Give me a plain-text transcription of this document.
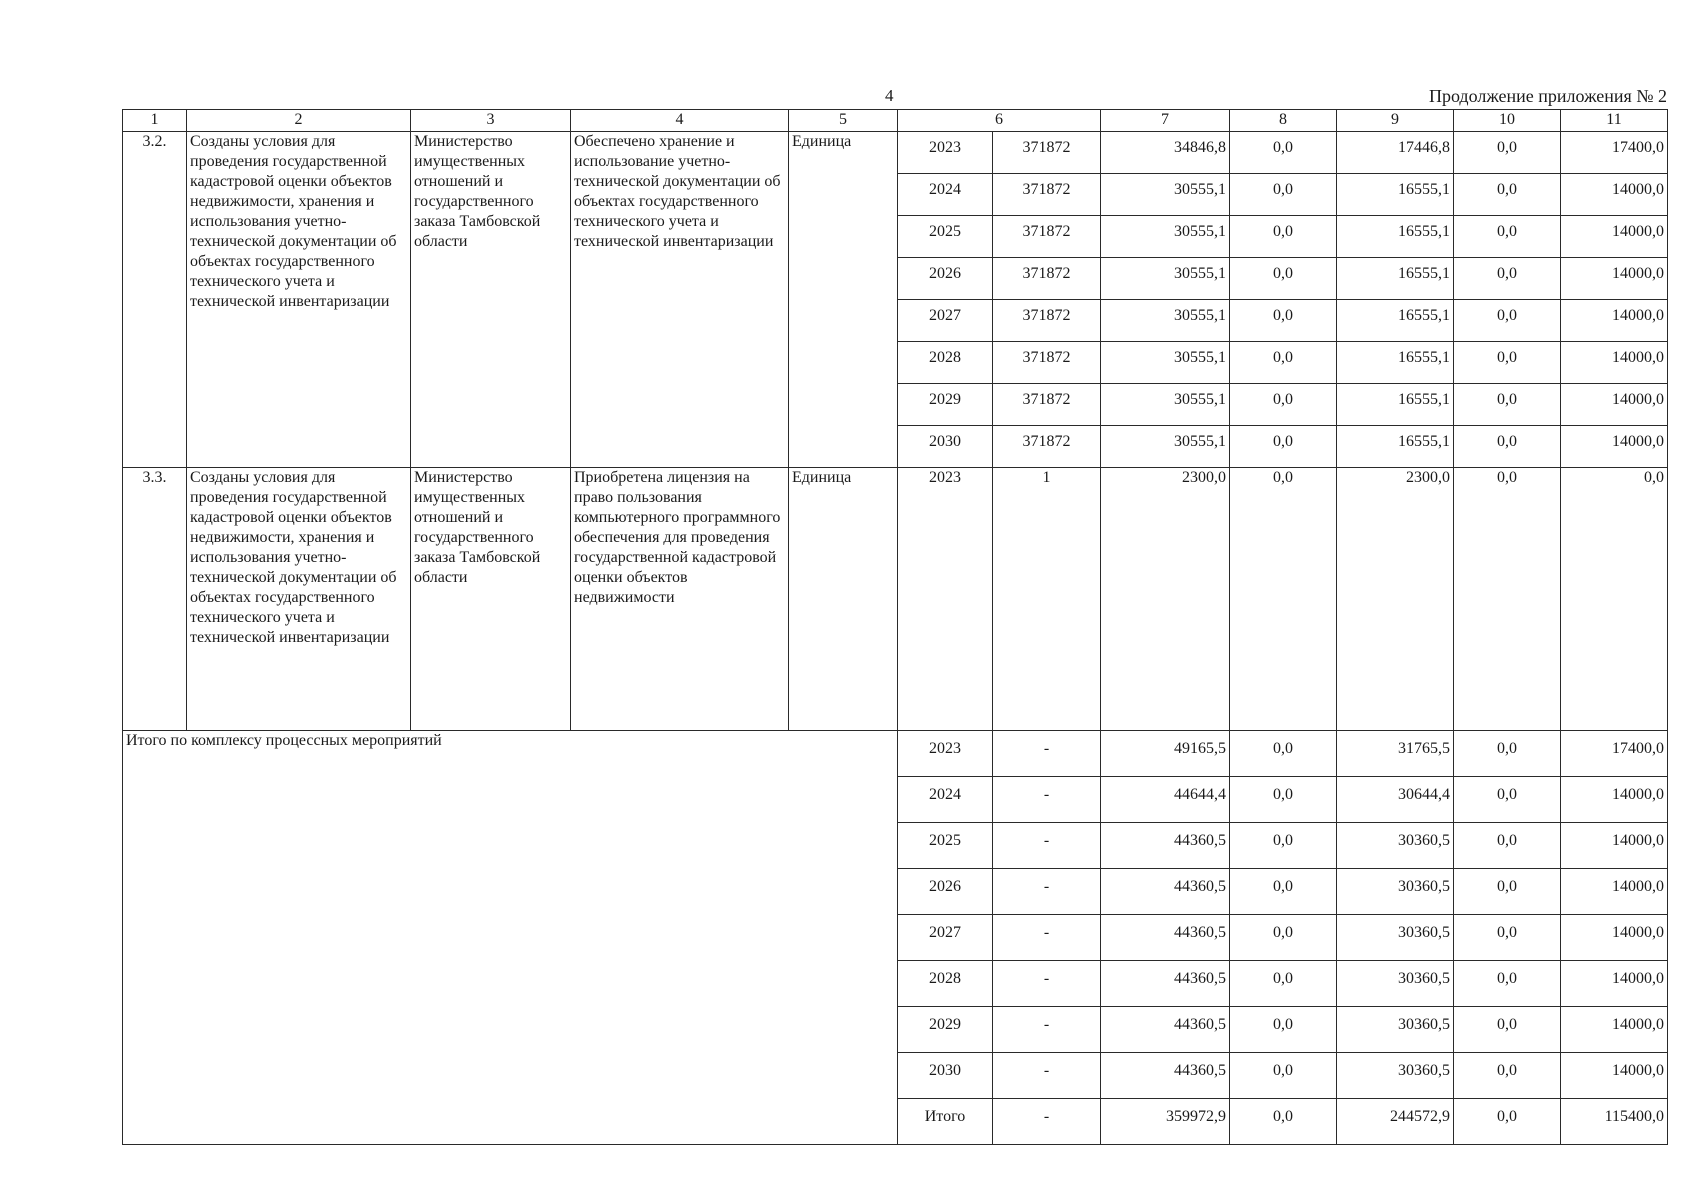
4	Продолжение приложения № 2
1	2	3	4	5	6		7	8	9	10	11
3.2.	Созданы условия для проведения государственной кадастровой оценки объектов недвижимости, хранения и использования учетно-технической документации об объектах государственного технического учета и технической инвентаризации	Министерство имущественных отношений и государственного заказа Тамбовской области	Обеспечено хранение и использование учетно-технической документации об объектах государственного технического учета и технической инвентаризации	Единица	2023	371872	34846,8	0,0	17446,8	0,0	17400,0
					2024	371872	30555,1	0,0	16555,1	0,0	14000,0
					2025	371872	30555,1	0,0	16555,1	0,0	14000,0
					2026	371872	30555,1	0,0	16555,1	0,0	14000,0
					2027	371872	30555,1	0,0	16555,1	0,0	14000,0
					2028	371872	30555,1	0,0	16555,1	0,0	14000,0
					2029	371872	30555,1	0,0	16555,1	0,0	14000,0
					2030	371872	30555,1	0,0	16555,1	0,0	14000,0
3.3.	Созданы условия для проведения государственной кадастровой оценки объектов недвижимости, хранения и использования учетно-технической документации об объектах государственного технического учета и технической инвентаризации	Министерство имущественных отношений и государственного заказа Тамбовской области	Приобретена лицензия на право пользования компьютерного программного обеспечения для проведения государственной кадастровой оценки объектов недвижимости	Единица	2023	1	2300,0	0,0	2300,0	0,0	0,0
Итого по комплексу процессных мероприятий					2023	-	49165,5	0,0	31765,5	0,0	17400,0
					2024	-	44644,4	0,0	30644,4	0,0	14000,0
					2025	-	44360,5	0,0	30360,5	0,0	14000,0
					2026	-	44360,5	0,0	30360,5	0,0	14000,0
					2027	-	44360,5	0,0	30360,5	0,0	14000,0
					2028	-	44360,5	0,0	30360,5	0,0	14000,0
					2029	-	44360,5	0,0	30360,5	0,0	14000,0
					2030	-	44360,5	0,0	30360,5	0,0	14000,0
					Итого	-	359972,9	0,0	244572,9	0,0	115400,0
